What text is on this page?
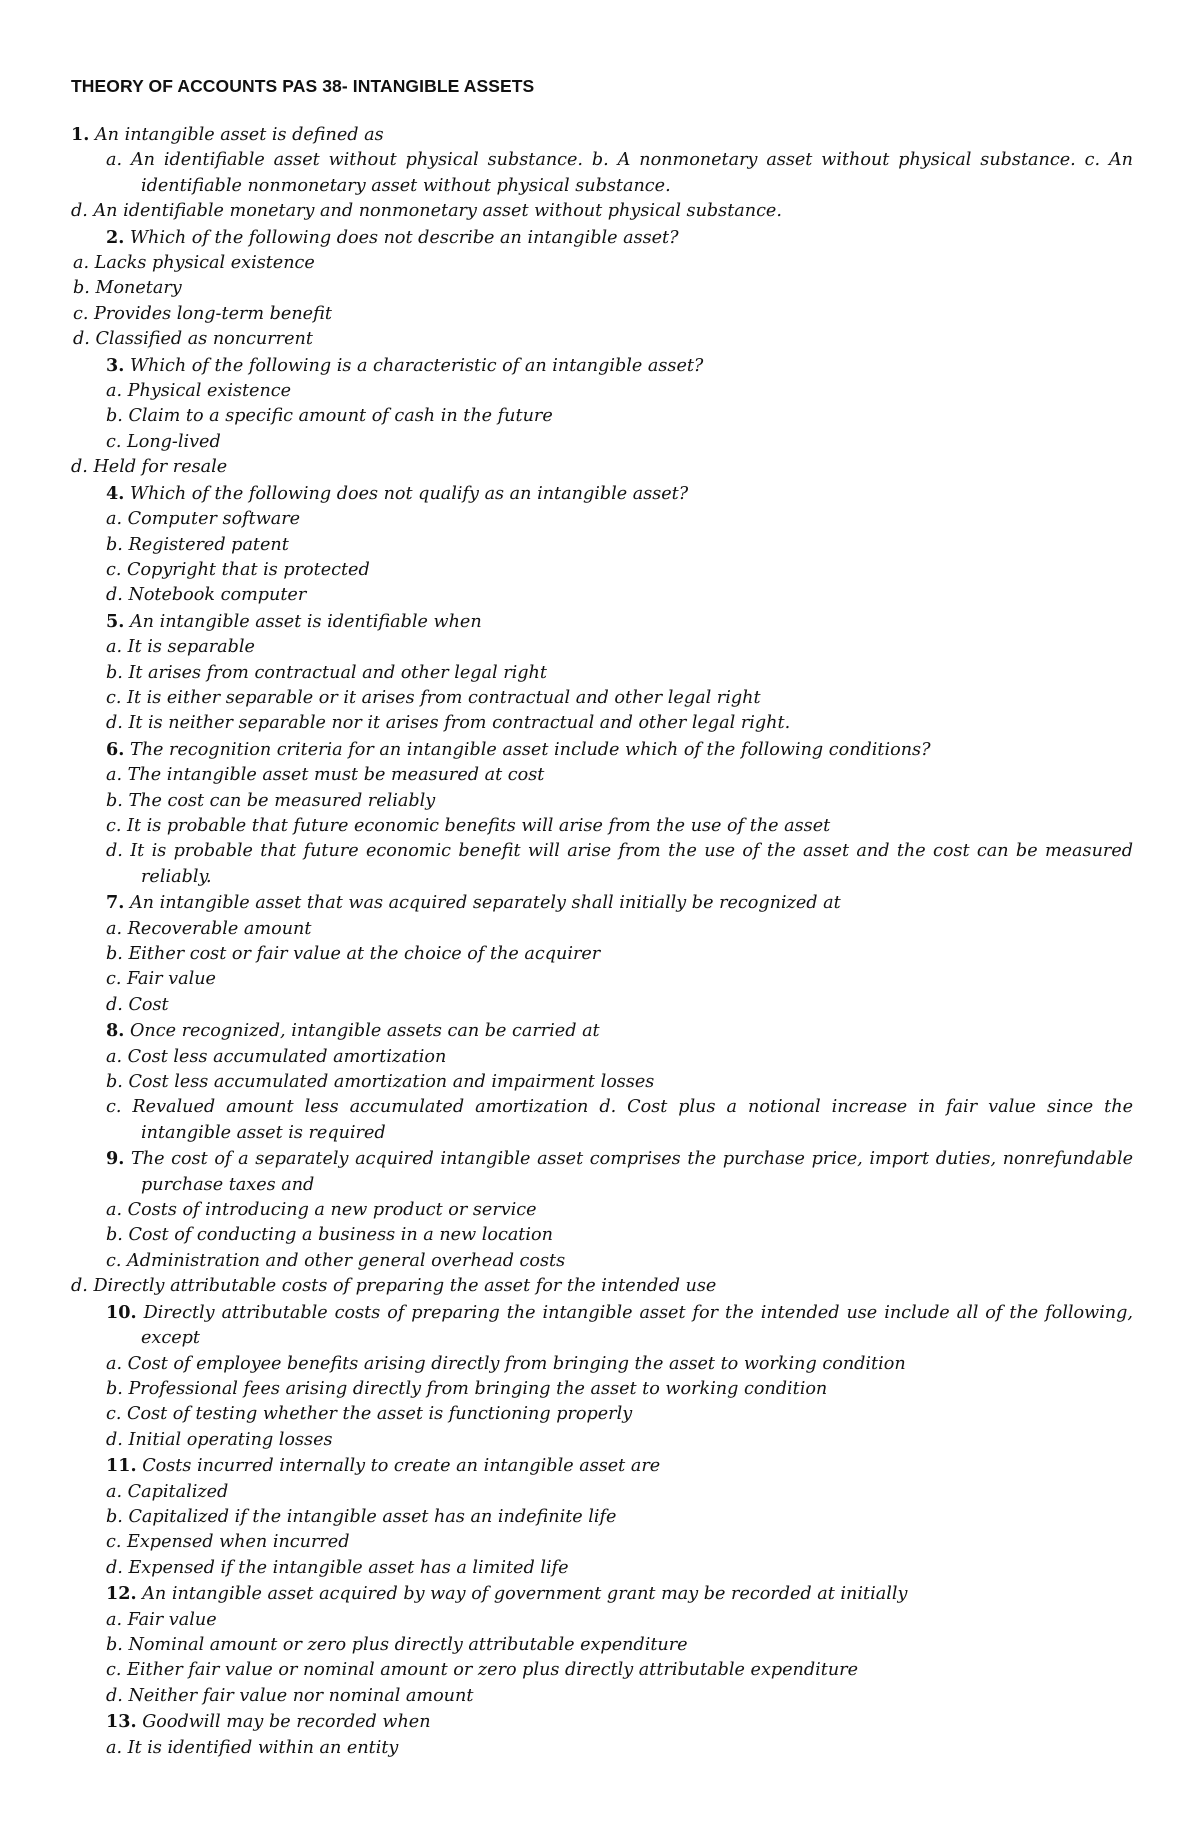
THEORY OF ACCOUNTS PAS 38- INTANGIBLE ASSETS
1. An intangible asset is defined as
a. An identifiable asset without physical substance. b. A nonmonetary asset without physical substance. c. An
identifiable nonmonetary asset without physical substance.
d. An identifiable monetary and nonmonetary asset without physical substance.
2. Which of the following does not describe an intangible asset?
a. Lacks physical existence
b. Monetary
c. Provides long-term benefit
d. Classified as noncurrent
3. Which of the following is a characteristic of an intangible asset?
a. Physical existence
b. Claim to a specific amount of cash in the future
c. Long-lived
d. Held for resale
4. Which of the following does not qualify as an intangible asset?
a. Computer software
b. Registered patent
c. Copyright that is protected
d. Notebook computer
5. An intangible asset is identifiable when
a. It is separable
b. It arises from contractual and other legal right
c. It is either separable or it arises from contractual and other legal right
d. It is neither separable nor it arises from contractual and other legal right.
6. The recognition criteria for an intangible asset include which of the following conditions?
a. The intangible asset must be measured at cost
b. The cost can be measured reliably
c. It is probable that future economic benefits will arise from the use of the asset
d. It is probable that future economic benefit will arise from the use of the asset and the cost can be measured
reliably.
7. An intangible asset that was acquired separately shall initially be recognized at
a. Recoverable amount
b. Either cost or fair value at the choice of the acquirer
c. Fair value
d. Cost
8. Once recognized, intangible assets can be carried at
a. Cost less accumulated amortization
b. Cost less accumulated amortization and impairment losses
c. Revalued amount less accumulated amortization d. Cost plus a notional increase in fair value since the
intangible asset is required
9. The cost of a separately acquired intangible asset comprises the purchase price, import duties, nonrefundable
purchase taxes and
a. Costs of introducing a new product or service
b. Cost of conducting a business in a new location
c. Administration and other general overhead costs
d. Directly attributable costs of preparing the asset for the intended use
10. Directly attributable costs of preparing the intangible asset for the intended use include all of the following,
except
a. Cost of employee benefits arising directly from bringing the asset to working condition
b. Professional fees arising directly from bringing the asset to working condition
c. Cost of testing whether the asset is functioning properly
d. Initial operating losses
11. Costs incurred internally to create an intangible asset are
a. Capitalized
b. Capitalized if the intangible asset has an indefinite life
c. Expensed when incurred
d. Expensed if the intangible asset has a limited life
12. An intangible asset acquired by way of government grant may be recorded at initially
a. Fair value
b. Nominal amount or zero plus directly attributable expenditure
c. Either fair value or nominal amount or zero plus directly attributable expenditure
d. Neither fair value nor nominal amount
13. Goodwill may be recorded when
a. It is identified within an entity
